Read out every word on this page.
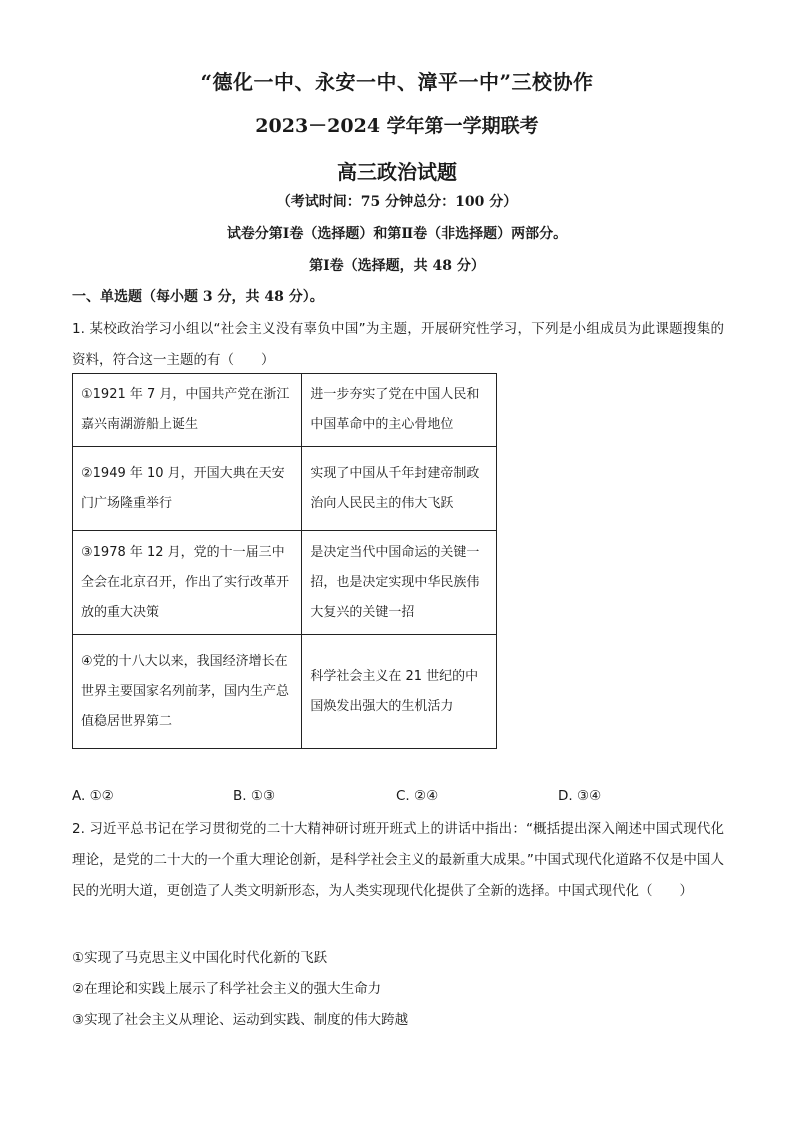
“德化一中、永安一中、漳平一中”三校协作
2023－2024 学年第一学期联考
高三政治试题
（考试时间：75 分钟总分：100 分）
试卷分第Ⅰ卷（选择题）和第Ⅱ卷（非选择题）两部分。
第Ⅰ卷（选择题，共 48 分）
一、单选题（每小题 3 分，共 48 分）。
1. 某校政治学习小组以“社会主义没有辜负中国”为主题，开展研究性学习，下列是小组成员为此课题搜集的资料，符合这一主题的有（　　）
①1921 年 7 月，中国共产党在浙江嘉兴南湖游船上诞生	进一步夯实了党在中国人民和中国革命中的主心骨地位
②1949 年 10 月，开国大典在天安门广场隆重举行	实现了中国从千年封建帝制政治向人民民主的伟大飞跃
③1978 年 12 月，党的十一届三中全会在北京召开，作出了实行改革开放的重大决策	是决定当代中国命运的关键一招，也是决定实现中华民族伟大复兴的关键一招
④党的十八大以来，我国经济增长在世界主要国家名列前茅，国内生产总值稳居世界第二	科学社会主义在 21 世纪的中国焕发出强大的生机活力
A. ①②	B. ①③	C. ②④	D. ③④
2. 习近平总书记在学习贯彻党的二十大精神研讨班开班式上的讲话中指出：“概括提出深入阐述中国式现代化理论，是党的二十大的一个重大理论创新，是科学社会主义的最新重大成果。”中国式现代化道路不仅是中国人民的光明大道，更创造了人类文明新形态，为人类实现现代化提供了全新的选择。中国式现代化（　　）
①实现了马克思主义中国化时代化新的飞跃
②在理论和实践上展示了科学社会主义的强大生命力
③实现了社会主义从理论、运动到实践、制度的伟大跨越
